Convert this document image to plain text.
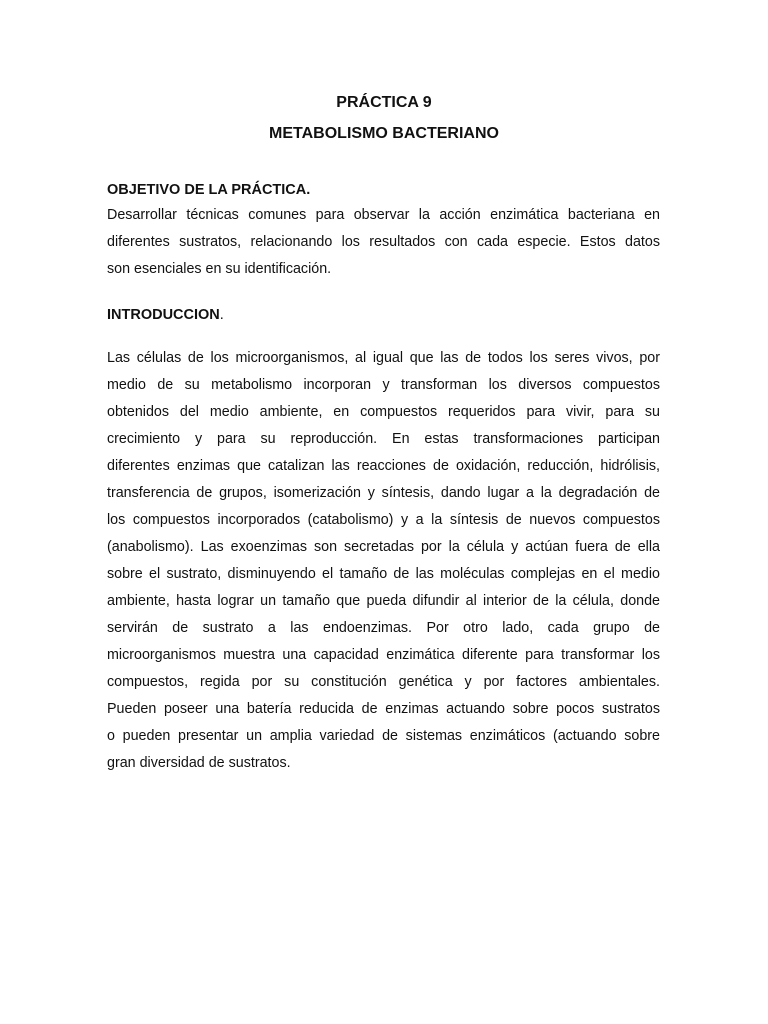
PRÁCTICA 9
METABOLISMO BACTERIANO
OBJETIVO DE LA PRÁCTICA.

Desarrollar técnicas comunes para observar la acción enzimática bacteriana en
diferentes sustratos, relacionando los resultados con cada especie. Estos datos
son esenciales en su identificación.

INTRODUCCION.

Las células de los microorganismos, al igual que las de todos los seres vivos, por
medio de su metabolismo incorporan y transforman los diversos compuestos
obtenidos del medio ambiente, en compuestos requeridos para vivir, para su
crecimiento y para su reproducción. En estas transformaciones participan
diferentes enzimas que catalizan las reacciones de oxidación, reducción, hidrólisis,
transferencia de grupos, isomerización y síntesis, dando lugar a la degradación de
los compuestos incorporados (catabolismo) y a la síntesis de nuevos compuestos
(anabolismo). Las exoenzimas son secretadas por la célula y actúan fuera de ella
sobre el sustrato, disminuyendo el tamaño de las moléculas complejas en el medio
ambiente, hasta lograr un tamaño que pueda difundir al interior de la célula, donde
servirán de sustrato a las endoenzimas. Por otro lado, cada grupo de
microorganismos muestra una capacidad enzimática diferente para transformar los
compuestos, regida por su constitución genética y por factores ambientales.
Pueden poseer una batería reducida de enzimas actuando sobre pocos sustratos
o pueden presentar un amplia variedad de sistemas enzimáticos (actuando sobre
gran diversidad de sustratos.
